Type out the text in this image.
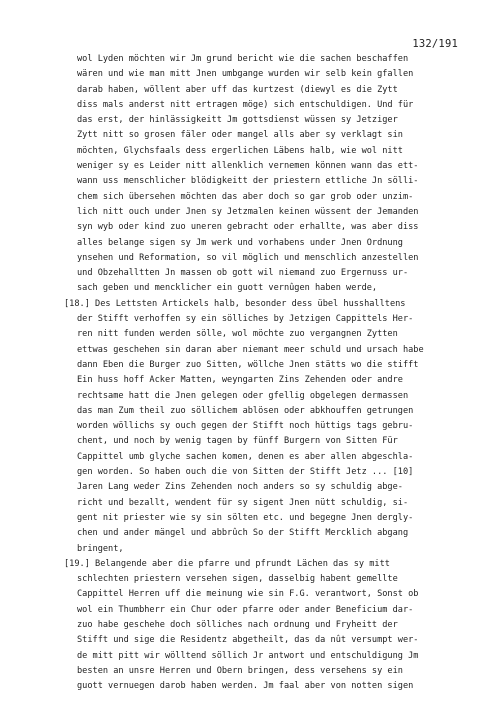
132/191
wol Lyden möchten wir Jm grund bericht wie die sachen beschaffen
wären und wie man mitt Jnen umbgange wurden wir selb kein gfallen
darab haben, wöllent aber uff das kurtzest (diewyl es die Zytt
diss mals anderst nitt ertragen möge) sich entschuldigen. Und für
das erst, der hinlässigkeitt Jm gottsdienst wüssen sy Jetziger
Zytt nitt so grosen fäler oder mangel alls aber sy verklagt sin
möchten, Glychsfaals dess ergerlichen Läbens halb, wie wol nitt
weniger sy es Leider nitt allenklich vernemen können wann das ett-
wann uss menschlicher blödigkeitt der priestern ettliche Jn sölli-
chem sich übersehen möchten das aber doch so gar grob oder unzim-
lich nitt ouch under Jnen sy Jetzmalen keinen wüssent der Jemanden
syn wyb oder kind zuo uneren gebracht oder erhallte, was aber diss
alles belange sigen sy Jm werk und vorhabens under Jnen Ordnung
ynsehen und Reformation, so vil möglich und menschlich anzestellen
und Obzehalltten Jn massen ob gott wil niemand zuo Ergernuss ur-
sach geben und mencklicher ein guott vernûgen haben werde,
[18.] Des Lettsten Artickels halb, besonder dess übel husshalltens
der Stifft verhoffen sy ein sölliches by Jetzigen Cappittels Her-
ren nitt funden werden sölle, wol möchte zuo vergangnen Zytten
ettwas geschehen sin daran aber niemant meer schuld und ursach habe
dann Eben die Burger zuo Sitten, wöllche Jnen stätts wo die stifft
Ein huss hoff Acker Matten, weyngarten Zins Zehenden oder andre
rechtsame hatt die Jnen gelegen oder gfellig obgelegen dermassen
das man Zum theil zuo söllichem ablösen oder abkhouffen getrungen
worden wöllichs sy ouch gegen der Stifft noch hüttigs tags gebru-
chent, und noch by wenig tagen by fünff Burgern von Sitten Für
Cappittel umb glyche sachen komen, denen es aber allen abgeschla-
gen worden. So haben ouch die von Sitten der Stifft Jetz ... [10]
Jaren Lang weder Zins Zehenden noch anders so sy schuldig abge-
richt und bezallt, wendent für sy sigent Jnen nütt schuldig, si-
gent nit priester wie sy sin sölten etc. und begegne Jnen dergly-
chen und ander mängel und abbrûch So der Stifft Mercklich abgang
bringent,
[19.] Belangende aber die pfarre und pfrundt Lächen das sy mitt
schlechten priestern versehen sigen, dasselbig habent gemellte
Cappittel Herren uff die meinung wie sin F.G. verantwort, Sonst ob
wol ein Thumbherr ein Chur oder pfarre oder ander Beneficium dar-
zuo habe geschehe doch sölliches nach ordnung und Fryheitt der
Stifft und sige die Residentz abgetheilt, das da nût versumpt wer-
de mitt pitt wir wölltend söllich Jr antwort und entschuldigung Jm
besten an unsre Herren und Obern bringen, dess versehens sy ein
guott vernuegen darob haben werden. Jm faal aber von notten sigen
